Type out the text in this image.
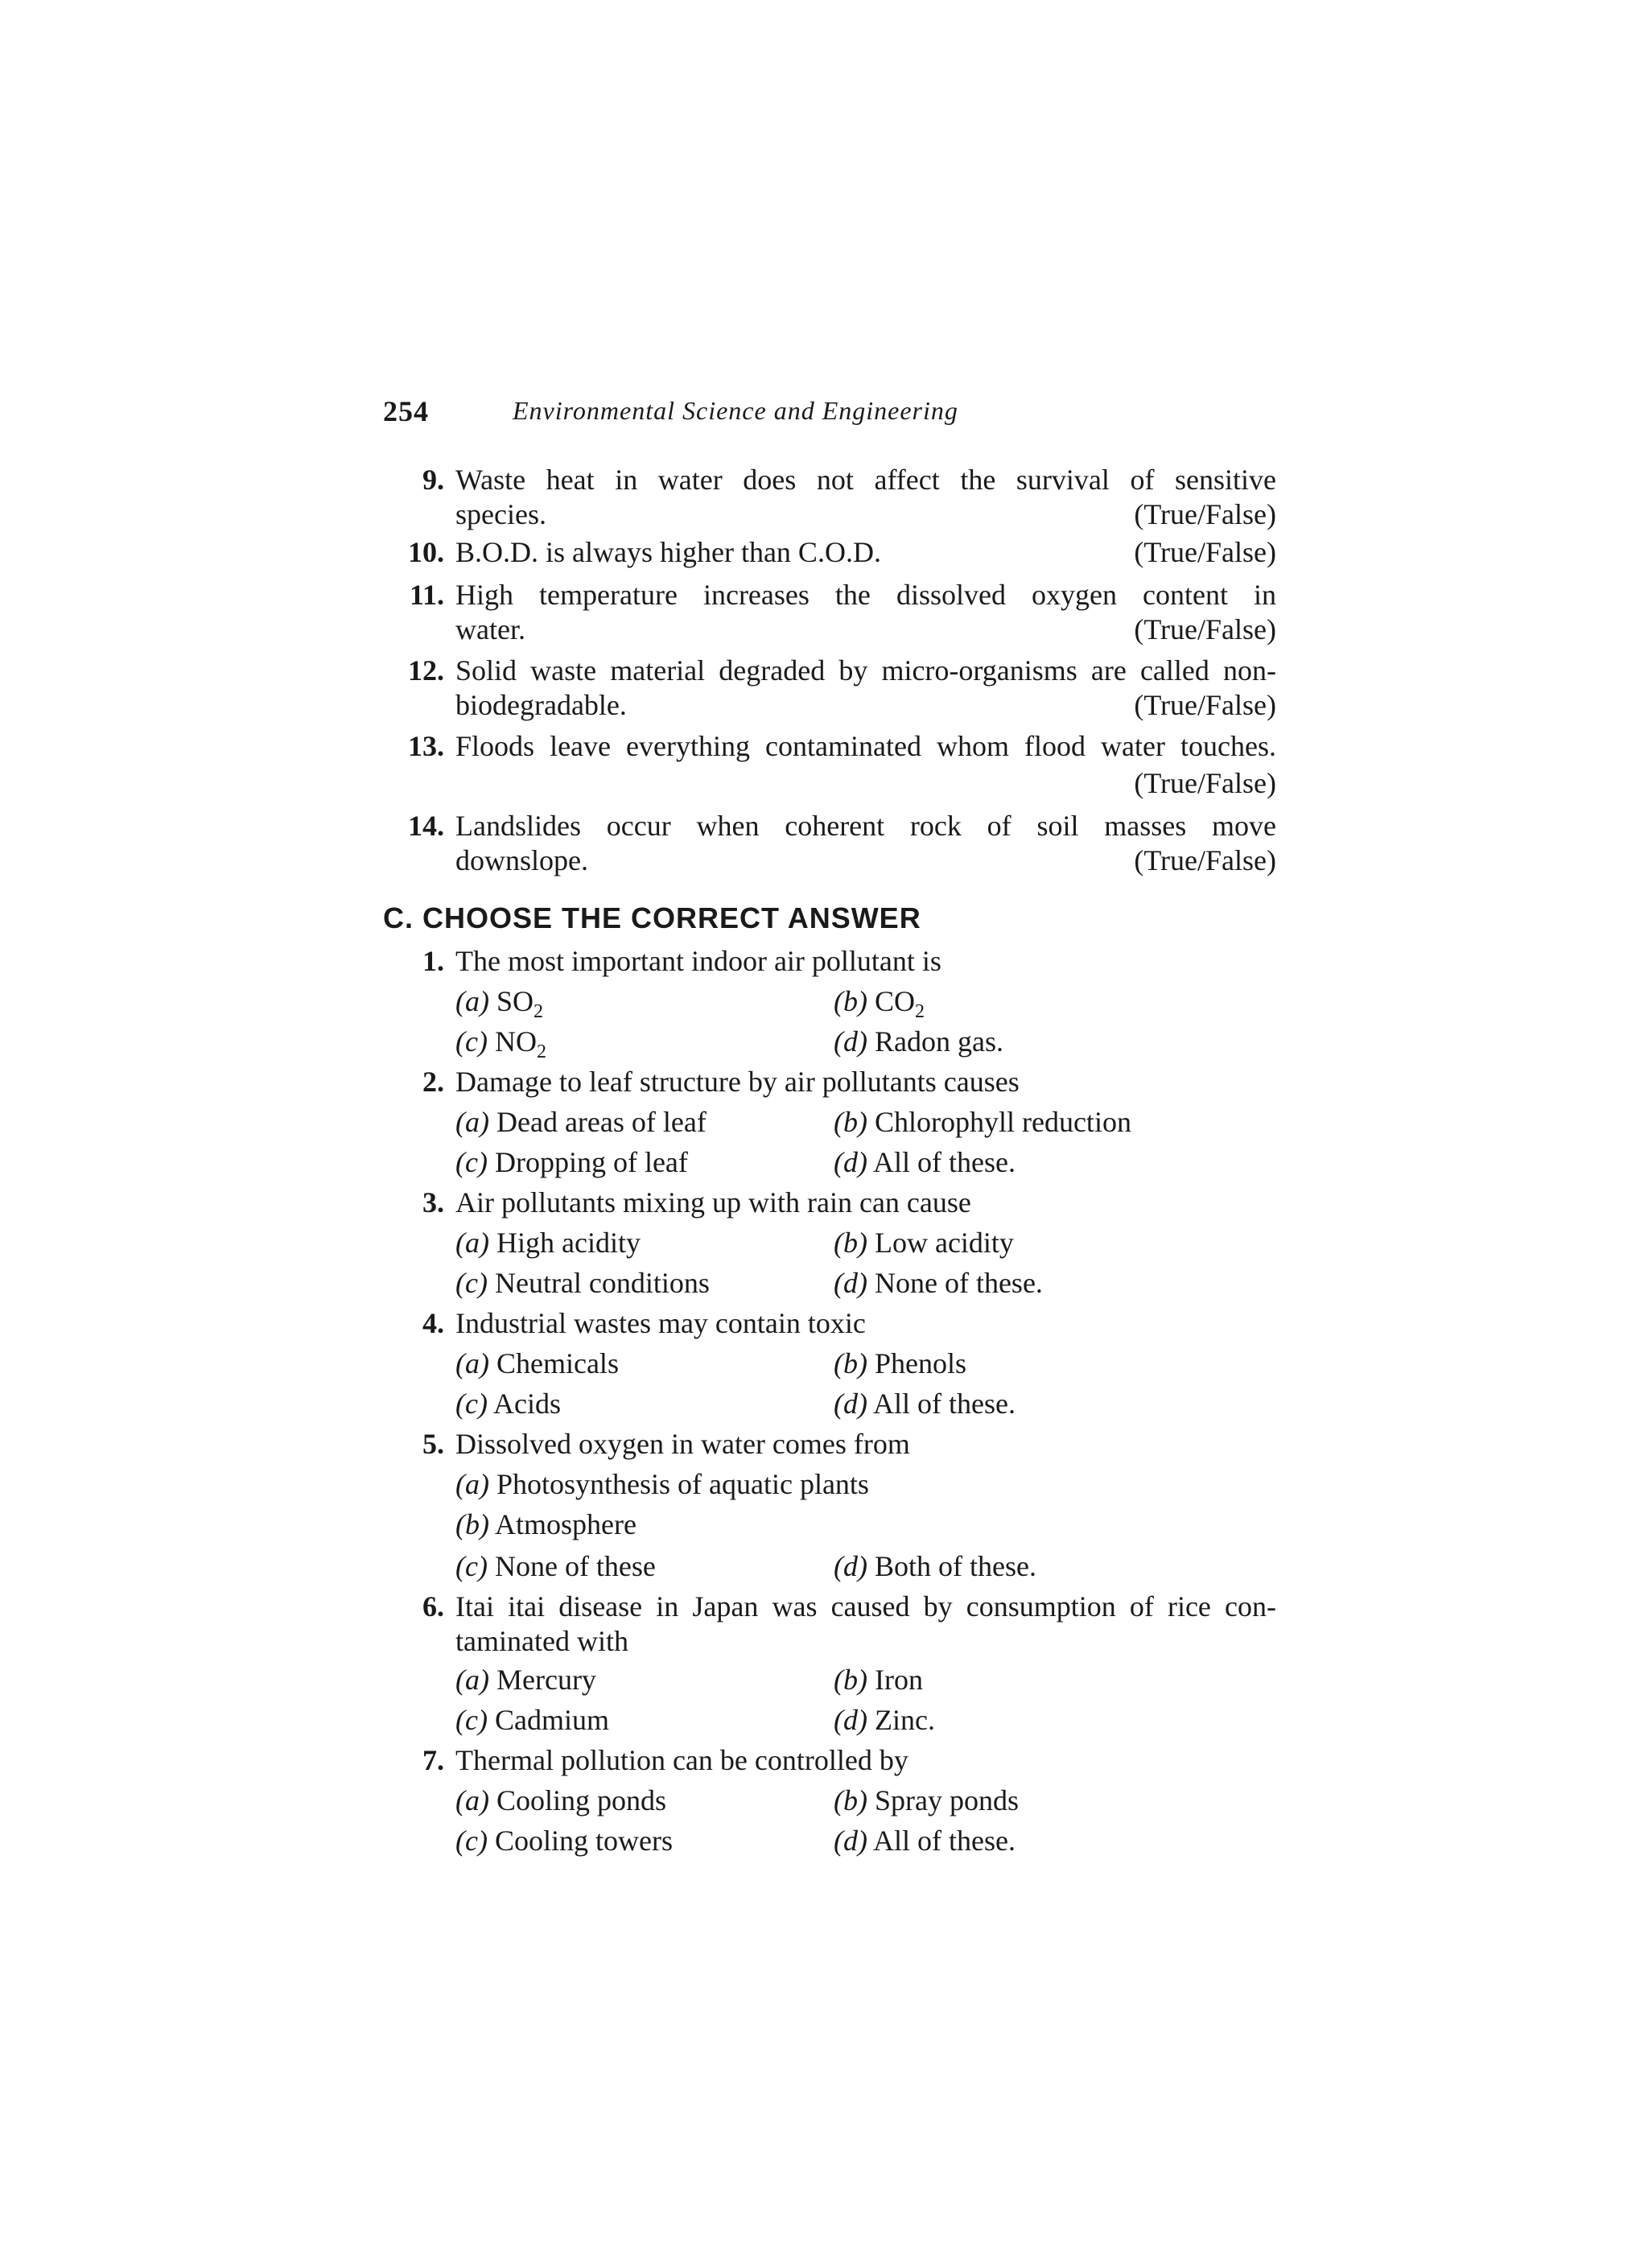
254	Environmental Science and Engineering
9. Waste heat in water does not affect the survival of sensitive
species.	(True/False)
10. B.O.D. is always higher than C.O.D.	(True/False)
11. High temperature increases the dissolved oxygen content in
water.	(True/False)
12. Solid waste material degraded by micro-organisms are called non-
biodegradable.	(True/False)
13. Floods leave everything contaminated whom flood water touches.
(True/False)
14. Landslides occur when coherent rock of soil masses move
downslope.	(True/False)
C. CHOOSE THE CORRECT ANSWER
1. The most important indoor air pollutant is
(a) $SO_2$	(b) $CO_2$
(c) $NO_2$	(d) Radon gas.
2. Damage to leaf structure by air pollutants causes
(a) Dead areas of leaf	(b) Chlorophyll reduction
(c) Dropping of leaf	(d) All of these.
3. Air pollutants mixing up with rain can cause
(a) High acidity	(b) Low acidity
(c) Neutral conditions	(d) None of these.
4. Industrial wastes may contain toxic
(a) Chemicals	(b) Phenols
(c) Acids	(d) All of these.
5. Dissolved oxygen in water comes from
(a) Photosynthesis of aquatic plants
(b) Atmosphere
(c) None of these	(d) Both of these.
6. Itai itai disease in Japan was caused by consumption of rice con-
taminated with
(a) Mercury	(b) Iron
(c) Cadmium	(d) Zinc.
7. Thermal pollution can be controlled by
(a) Cooling ponds	(b) Spray ponds
(c) Cooling towers	(d) All of these.
